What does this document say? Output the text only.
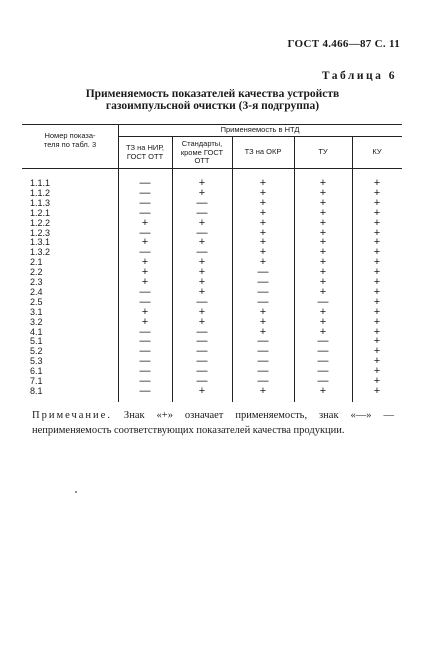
ГОСТ 4.466—87 С. 11
Таблица 6
Применяемость показателей качества устройств
газоимпульсной очистки (3-я подгруппа)
Номер показа-
теля по табл. 3
Применяемость в НТД
ТЗ на НИР,
ГОСТ ОТТ
Стандарты,
кроме ГОСТ
ОТТ
ТЗ на ОКР	ТУ	КУ
1.1.1	—	+	+	+	+
1.1.2	—	+	+	+	+
1.1.3	—	—	+	+	+
1.2.1	—	—	+	+	+
1.2.2	+	+	+	+	+
1.2.3	—	—	+	+	+
1.3.1	+	+	+	+	+
1.3.2	—	—	+	+	+
2.1	+	+	+	+	+
2.2	+	+	—	+	+
2.3	+	+	—	+	+
2.4	—	+	—	+	+
2.5	—	—	—	—	+
3.1	+	+	+	+	+
3.2	+	+	+	+	+
4.1	—	—	+	+	+
5.1	—	—	—	—	+
5.2	—	—	—	—	+
5.3	—	—	—	—	+
6.1	—	—	—	—	+
7.1	—	—	—	—	+
8.1	—	+	+	+	+
Примечание. Знак «+» означает применяемость, знак «—» — неприменяемость соответствующих показателей качества продукции.
